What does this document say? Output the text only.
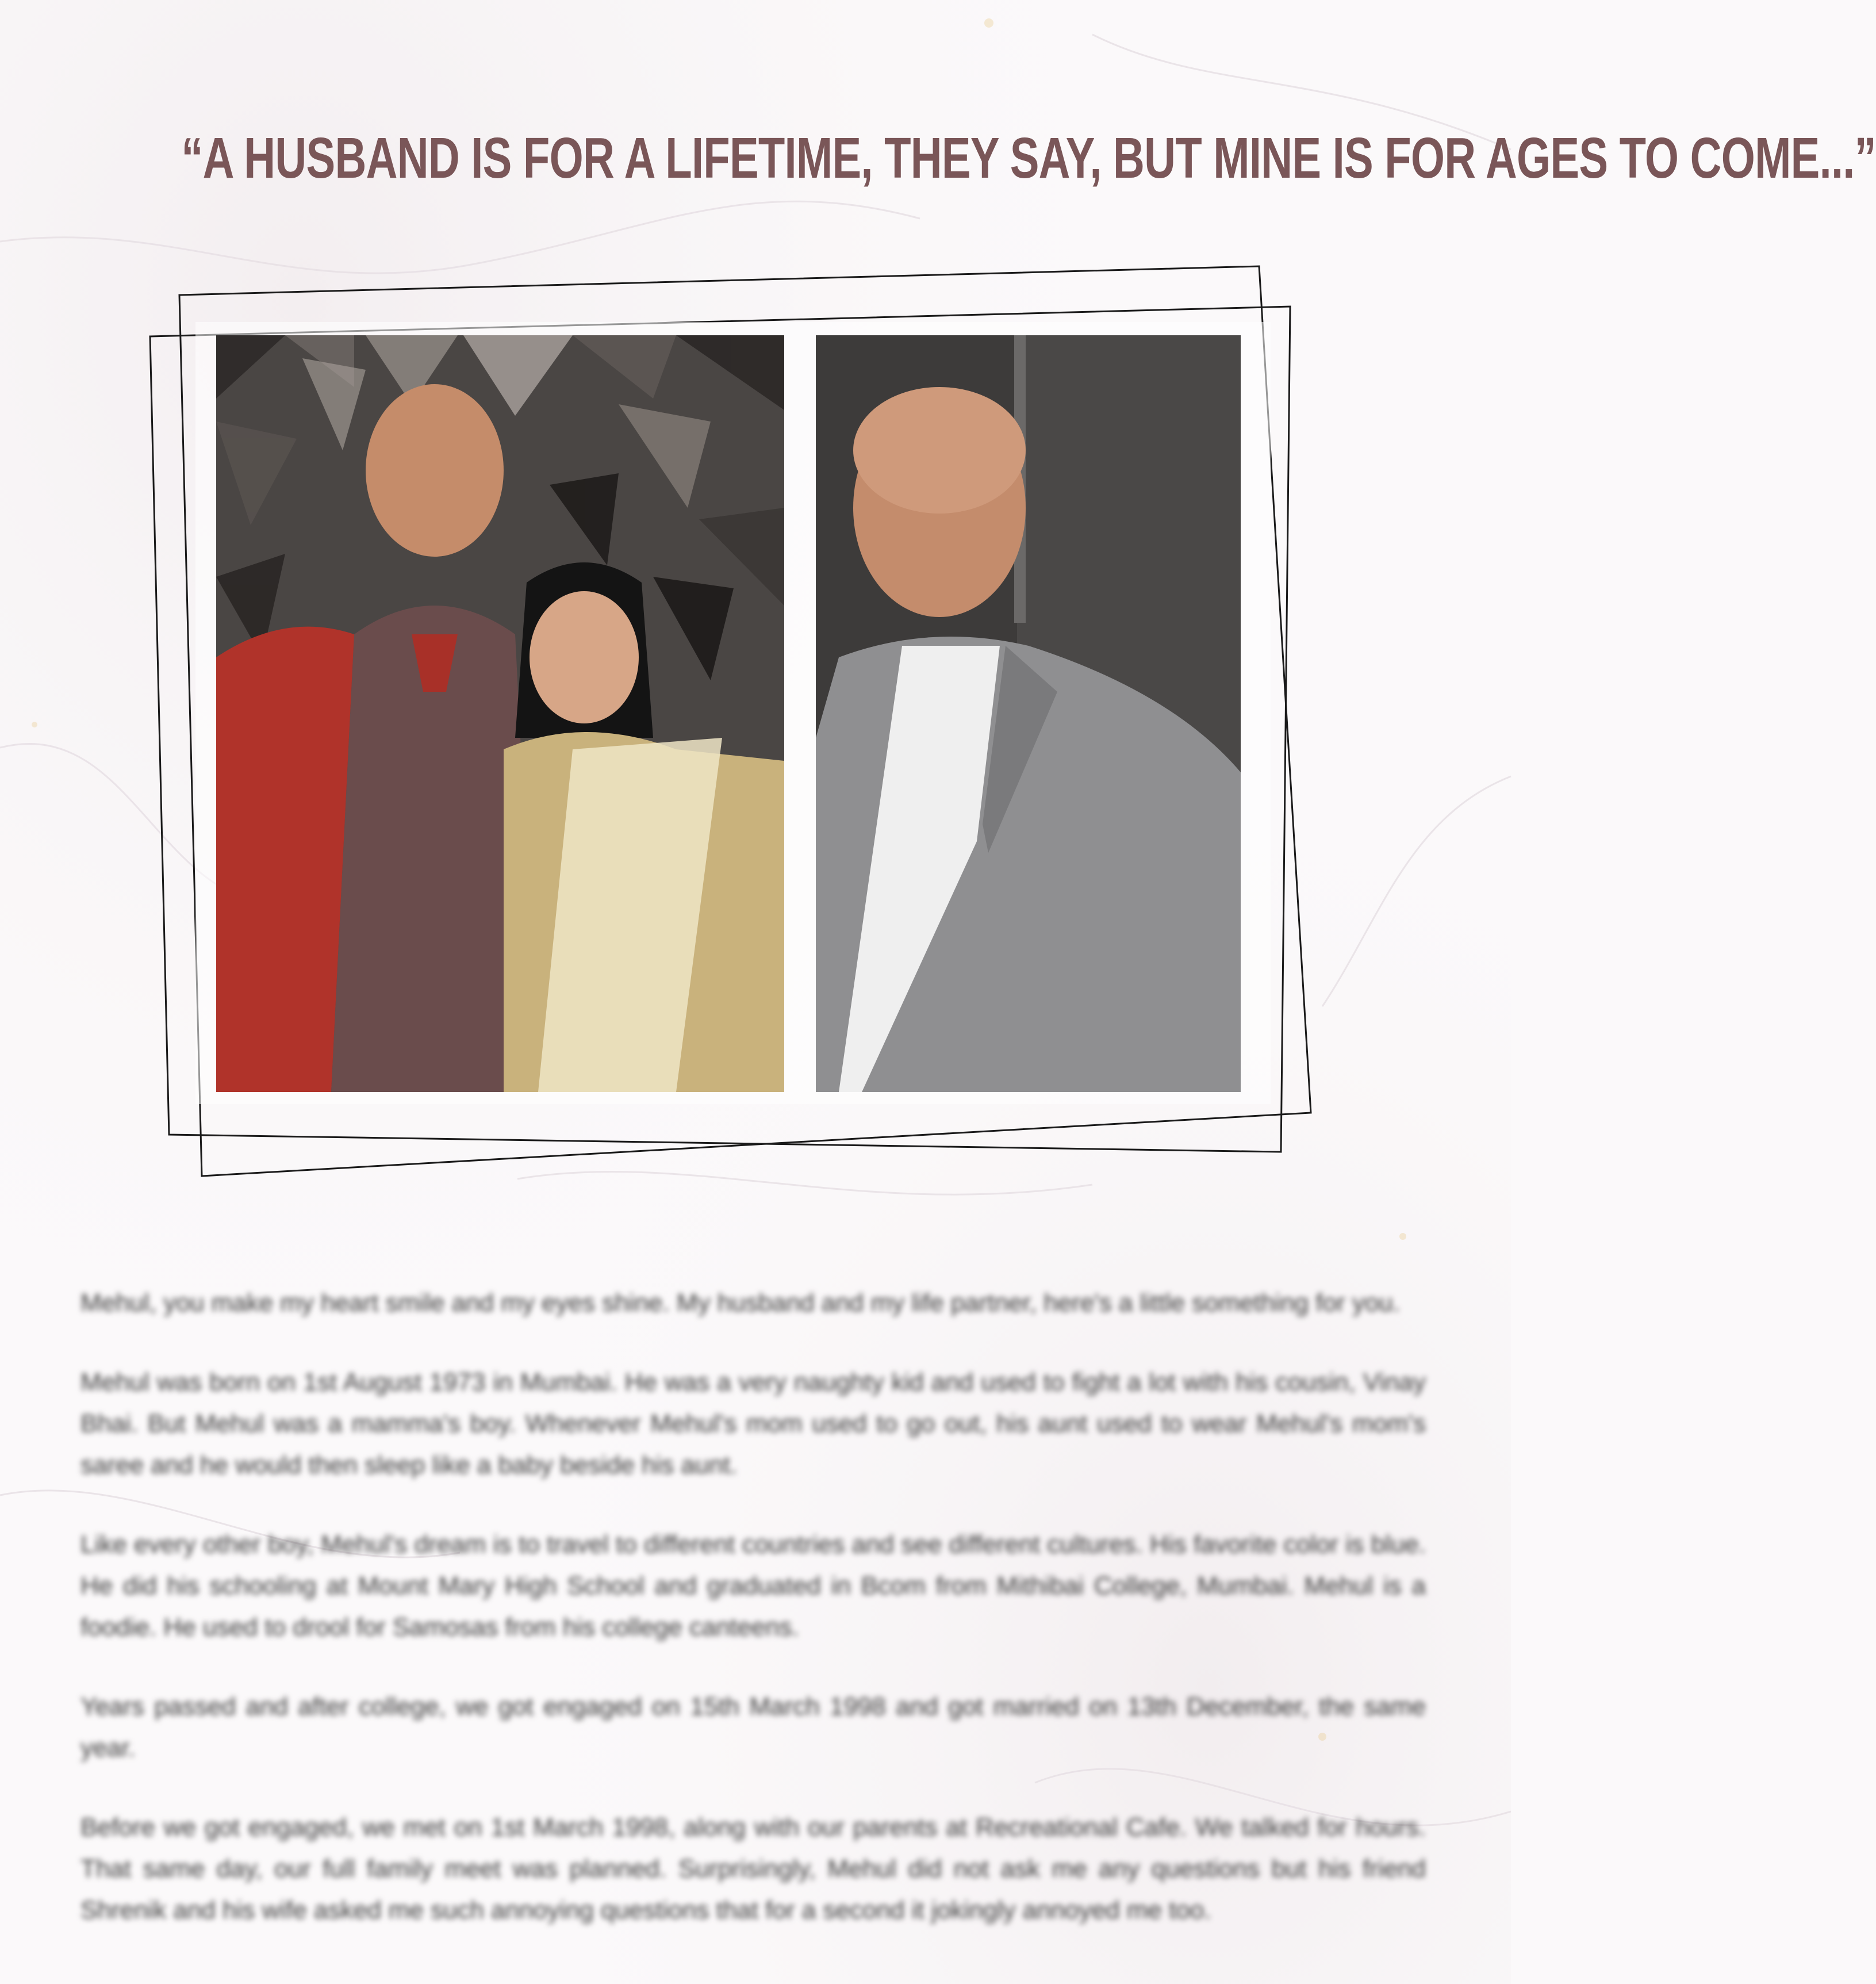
“A HUSBAND IS FOR A LIFETIME, THEY SAY, BUT MINE IS FOR AGES TO COME...”

Mehul, you make my heart smile and my eyes shine. My husband and my life partner, here's a little something for you.

Mehul was born on 1st August 1973 in Mumbai. He was a very naughty kid and used to fight a lot with his cousin, Vinay Bhai. But Mehul was a mamma's boy. Whenever Mehul's mom used to go out, his aunt used to wear Mehul's mom's saree and he would then sleep like a baby beside his aunt.

Like every other boy, Mehul's dream is to travel to different countries and see different cultures. His favorite color is blue. He did his schooling at Mount Mary High School and graduated in Bcom from Mithibai College, Mumbai. Mehul is a foodie. He used to drool for Samosas from his college canteens.

Years passed and after college, we got engaged on 15th March 1998 and got married on 13th December, the same year.

Before we got engaged, we met on 1st March 1998, along with our parents at Recreational Cafe. We talked for hours. That same day, our full family meet was planned. Surprisingly, Mehul did not ask me any questions but his friend Shrenik and his wife asked me such annoying questions that for a second it jokingly annoyed me too.
